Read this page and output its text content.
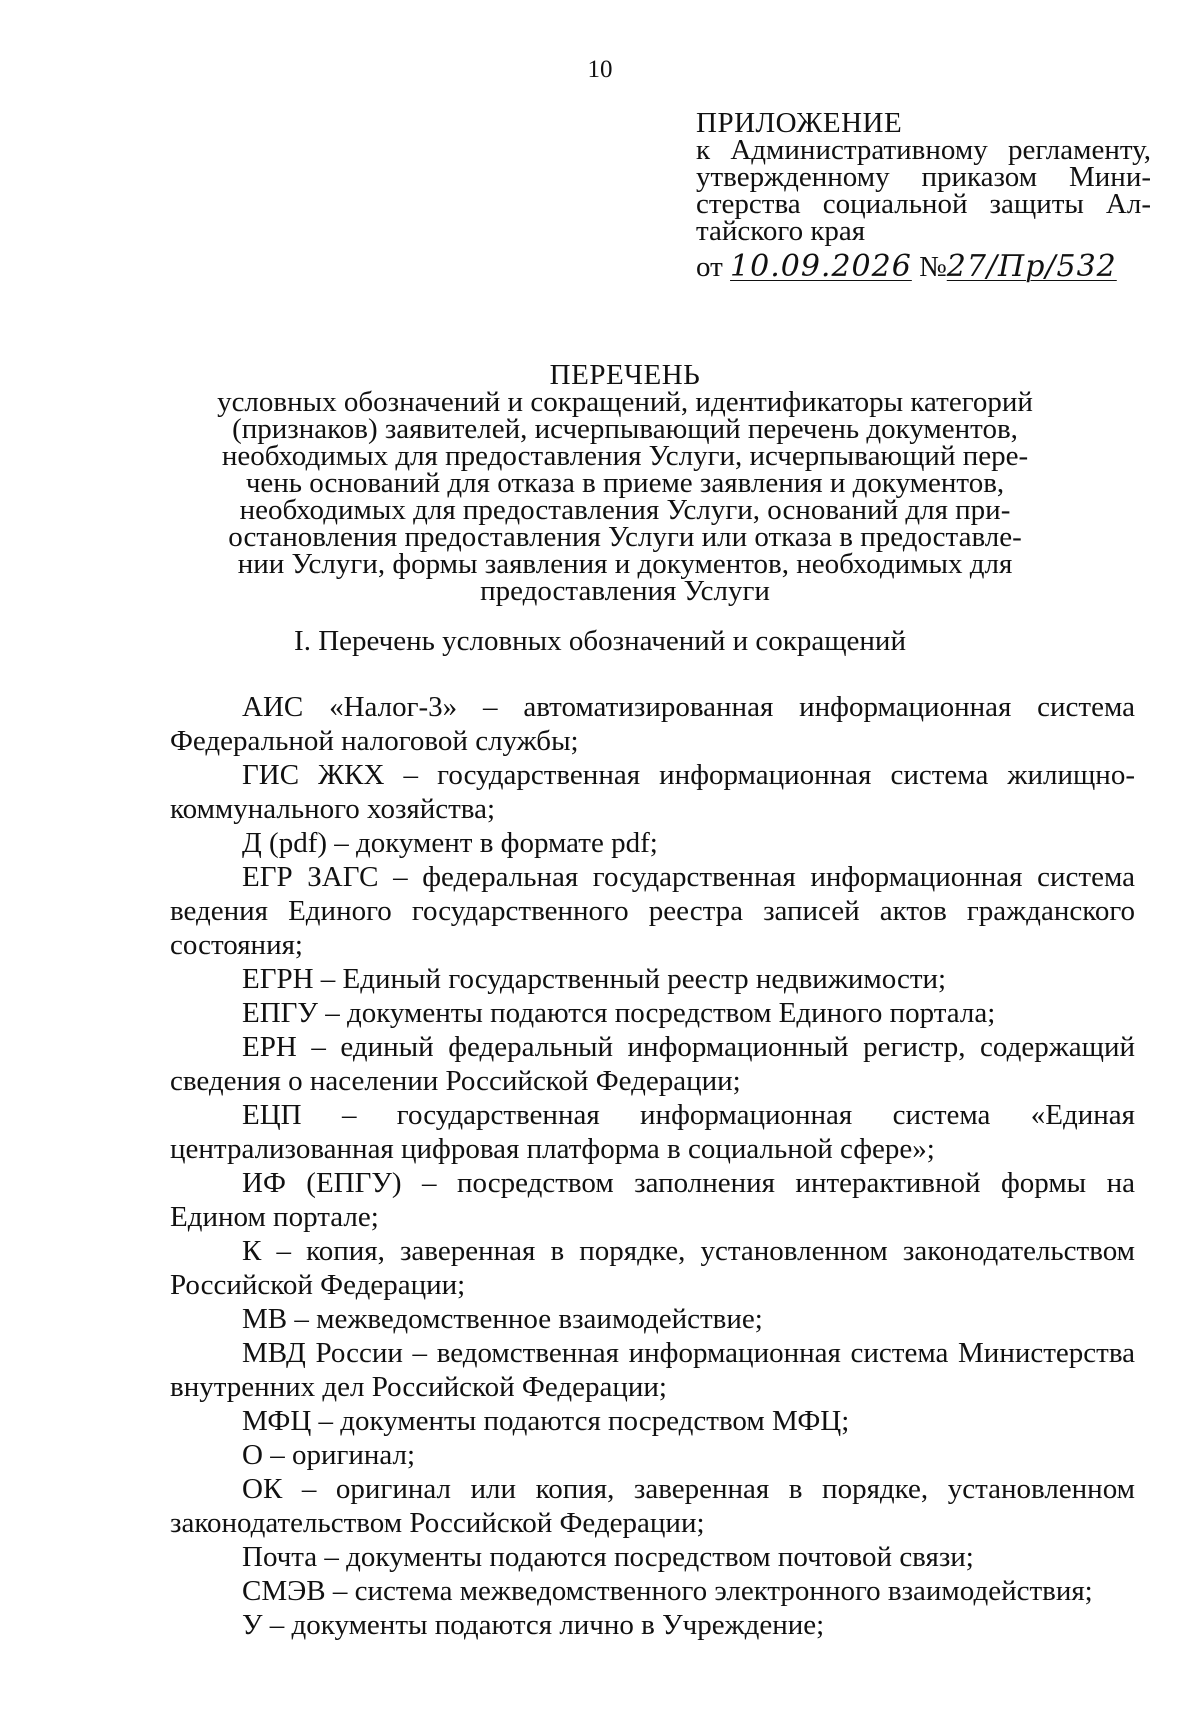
10
ПРИЛОЖЕНИЕ
к Административному регламенту,
утвержденному приказом Мини-
стерства социальной защиты Ал-
тайского края
от
10.09.2026
№ 27/Пр/532
ПЕРЕЧЕНЬ
условных обозначений и сокращений, идентификаторы категорий
(признаков) заявителей, исчерпывающий перечень документов,
необходимых для предоставления Услуги, исчерпывающий пере-
чень оснований для отказа в приеме заявления и документов,
необходимых для предоставления Услуги, оснований для при-
остановления предоставления Услуги или отказа в предоставле-
нии Услуги, формы заявления и документов, необходимых для
предоставления Услуги
I. Перечень условных обозначений и сокращений

АИС «Налог-3» – автоматизированная информационная система Федеральной налоговой службы;

ГИС ЖКХ – государственная информационная система жилищно-коммунального хозяйства;

Д (pdf) – документ в формате pdf;

ЕГР ЗАГС – федеральная государственная информационная система ведения Единого государственного реестра записей актов гражданского состояния;

ЕГРН – Единый государственный реестр недвижимости;

ЕПГУ – документы подаются посредством Единого портала;

ЕРН – единый федеральный информационный регистр, содержащий сведения о населении Российской Федерации;

ЕЦП – государственная информационная система «Единая централизованная цифровая платформа в социальной сфере»;

ИФ (ЕПГУ) – посредством заполнения интерактивной формы на Едином портале;

К – копия, заверенная в порядке, установленном законодательством Российской Федерации;

МВ – межведомственное взаимодействие;

МВД России – ведомственная информационная система Министерства внутренних дел Российской Федерации;

МФЦ – документы подаются посредством МФЦ;

О – оригинал;

ОК – оригинал или копия, заверенная в порядке, установленном законодательством Российской Федерации;

Почта – документы подаются посредством почтовой связи;

СМЭВ – система межведомственного электронного взаимодействия;

У – документы подаются лично в Учреждение;
